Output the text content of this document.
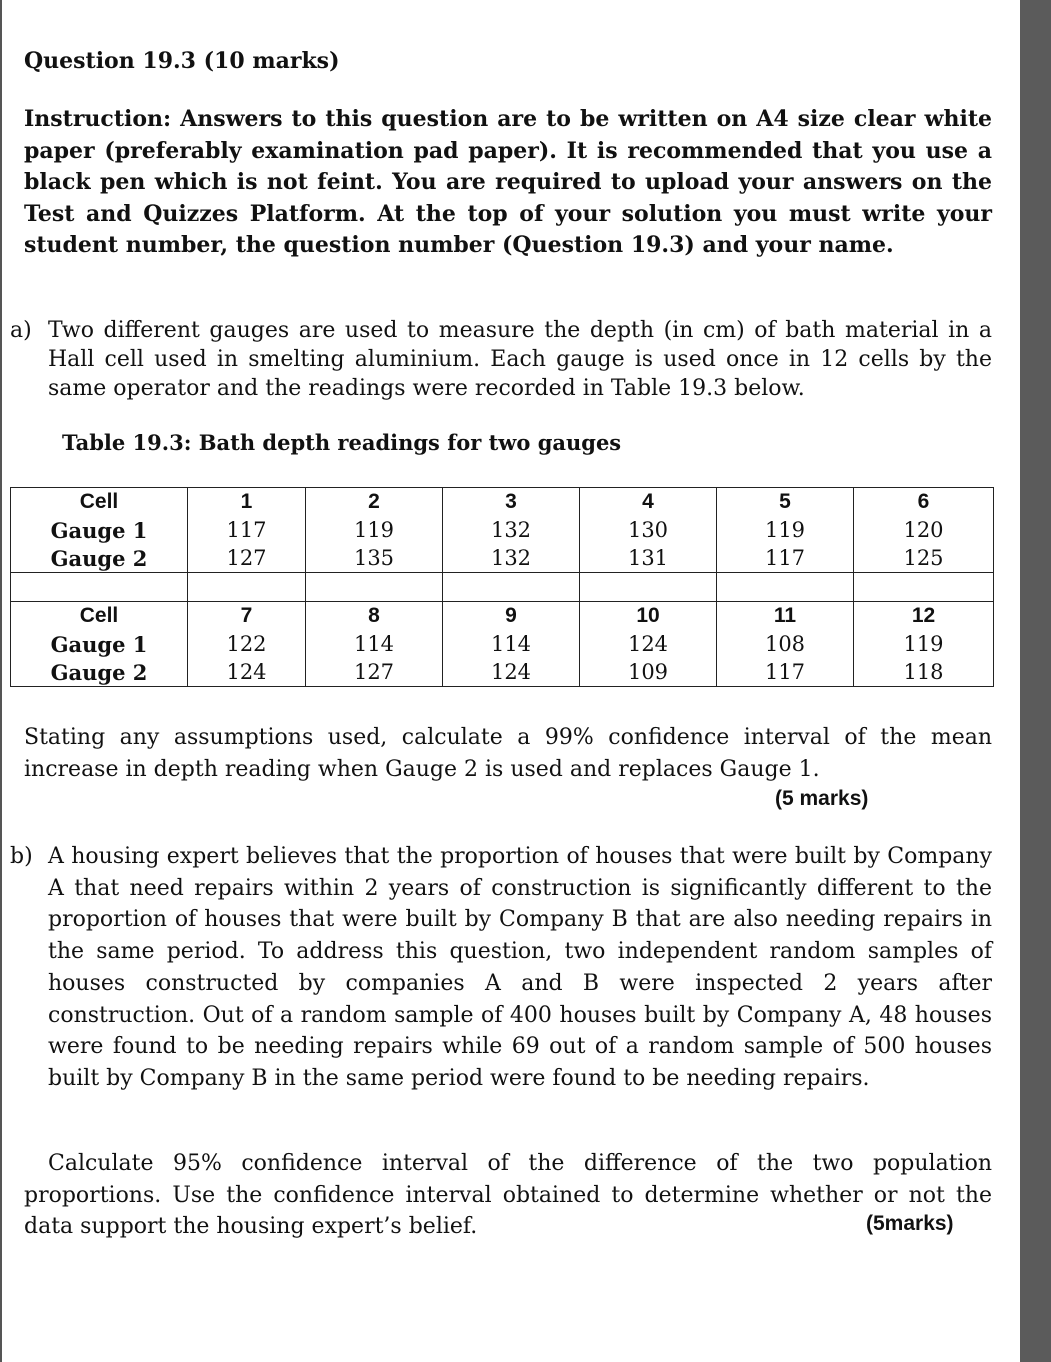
Question 19.3 (10 marks)
Instruction: Answers to this question are to be written on A4 size clear white paper (preferably examination pad paper). It is recommended that you use a black pen which is not feint. You are required to upload your answers on the Test and Quizzes Platform. At the top of your solution you must write your student number, the question number (Question 19.3) and your name.
a) Two different gauges are used to measure the depth (in cm) of bath material in a Hall cell used in smelting aluminium. Each gauge is used once in 12 cells by the same operator and the readings were recorded in Table 19.3 below.
Table 19.3: Bath depth readings for two gauges
Cell	1	2	3	4	5	6
Gauge 1	117	119	132	130	119	120
Gauge 2	127	135	132	131	117	125

Cell	7	8	9	10	11	12
Gauge 1	122	114	114	124	108	119
Gauge 2	124	127	124	109	117	118
Stating any assumptions used, calculate a 99% confidence interval of the mean increase in depth reading when Gauge 2 is used and replaces Gauge 1.
(5 marks)
b) A housing expert believes that the proportion of houses that were built by Company A that need repairs within 2 years of construction is significantly different to the proportion of houses that were built by Company B that are also needing repairs in the same period. To address this question, two independent random samples of houses constructed by companies A and B were inspected 2 years after construction. Out of a random sample of 400 houses built by Company A, 48 houses were found to be needing repairs while 69 out of a random sample of 500 houses built by Company B in the same period were found to be needing repairs.
Calculate 95% confidence interval of the difference of the two population proportions. Use the confidence interval obtained to determine whether or not the data support the housing expert’s belief.	(5marks)
